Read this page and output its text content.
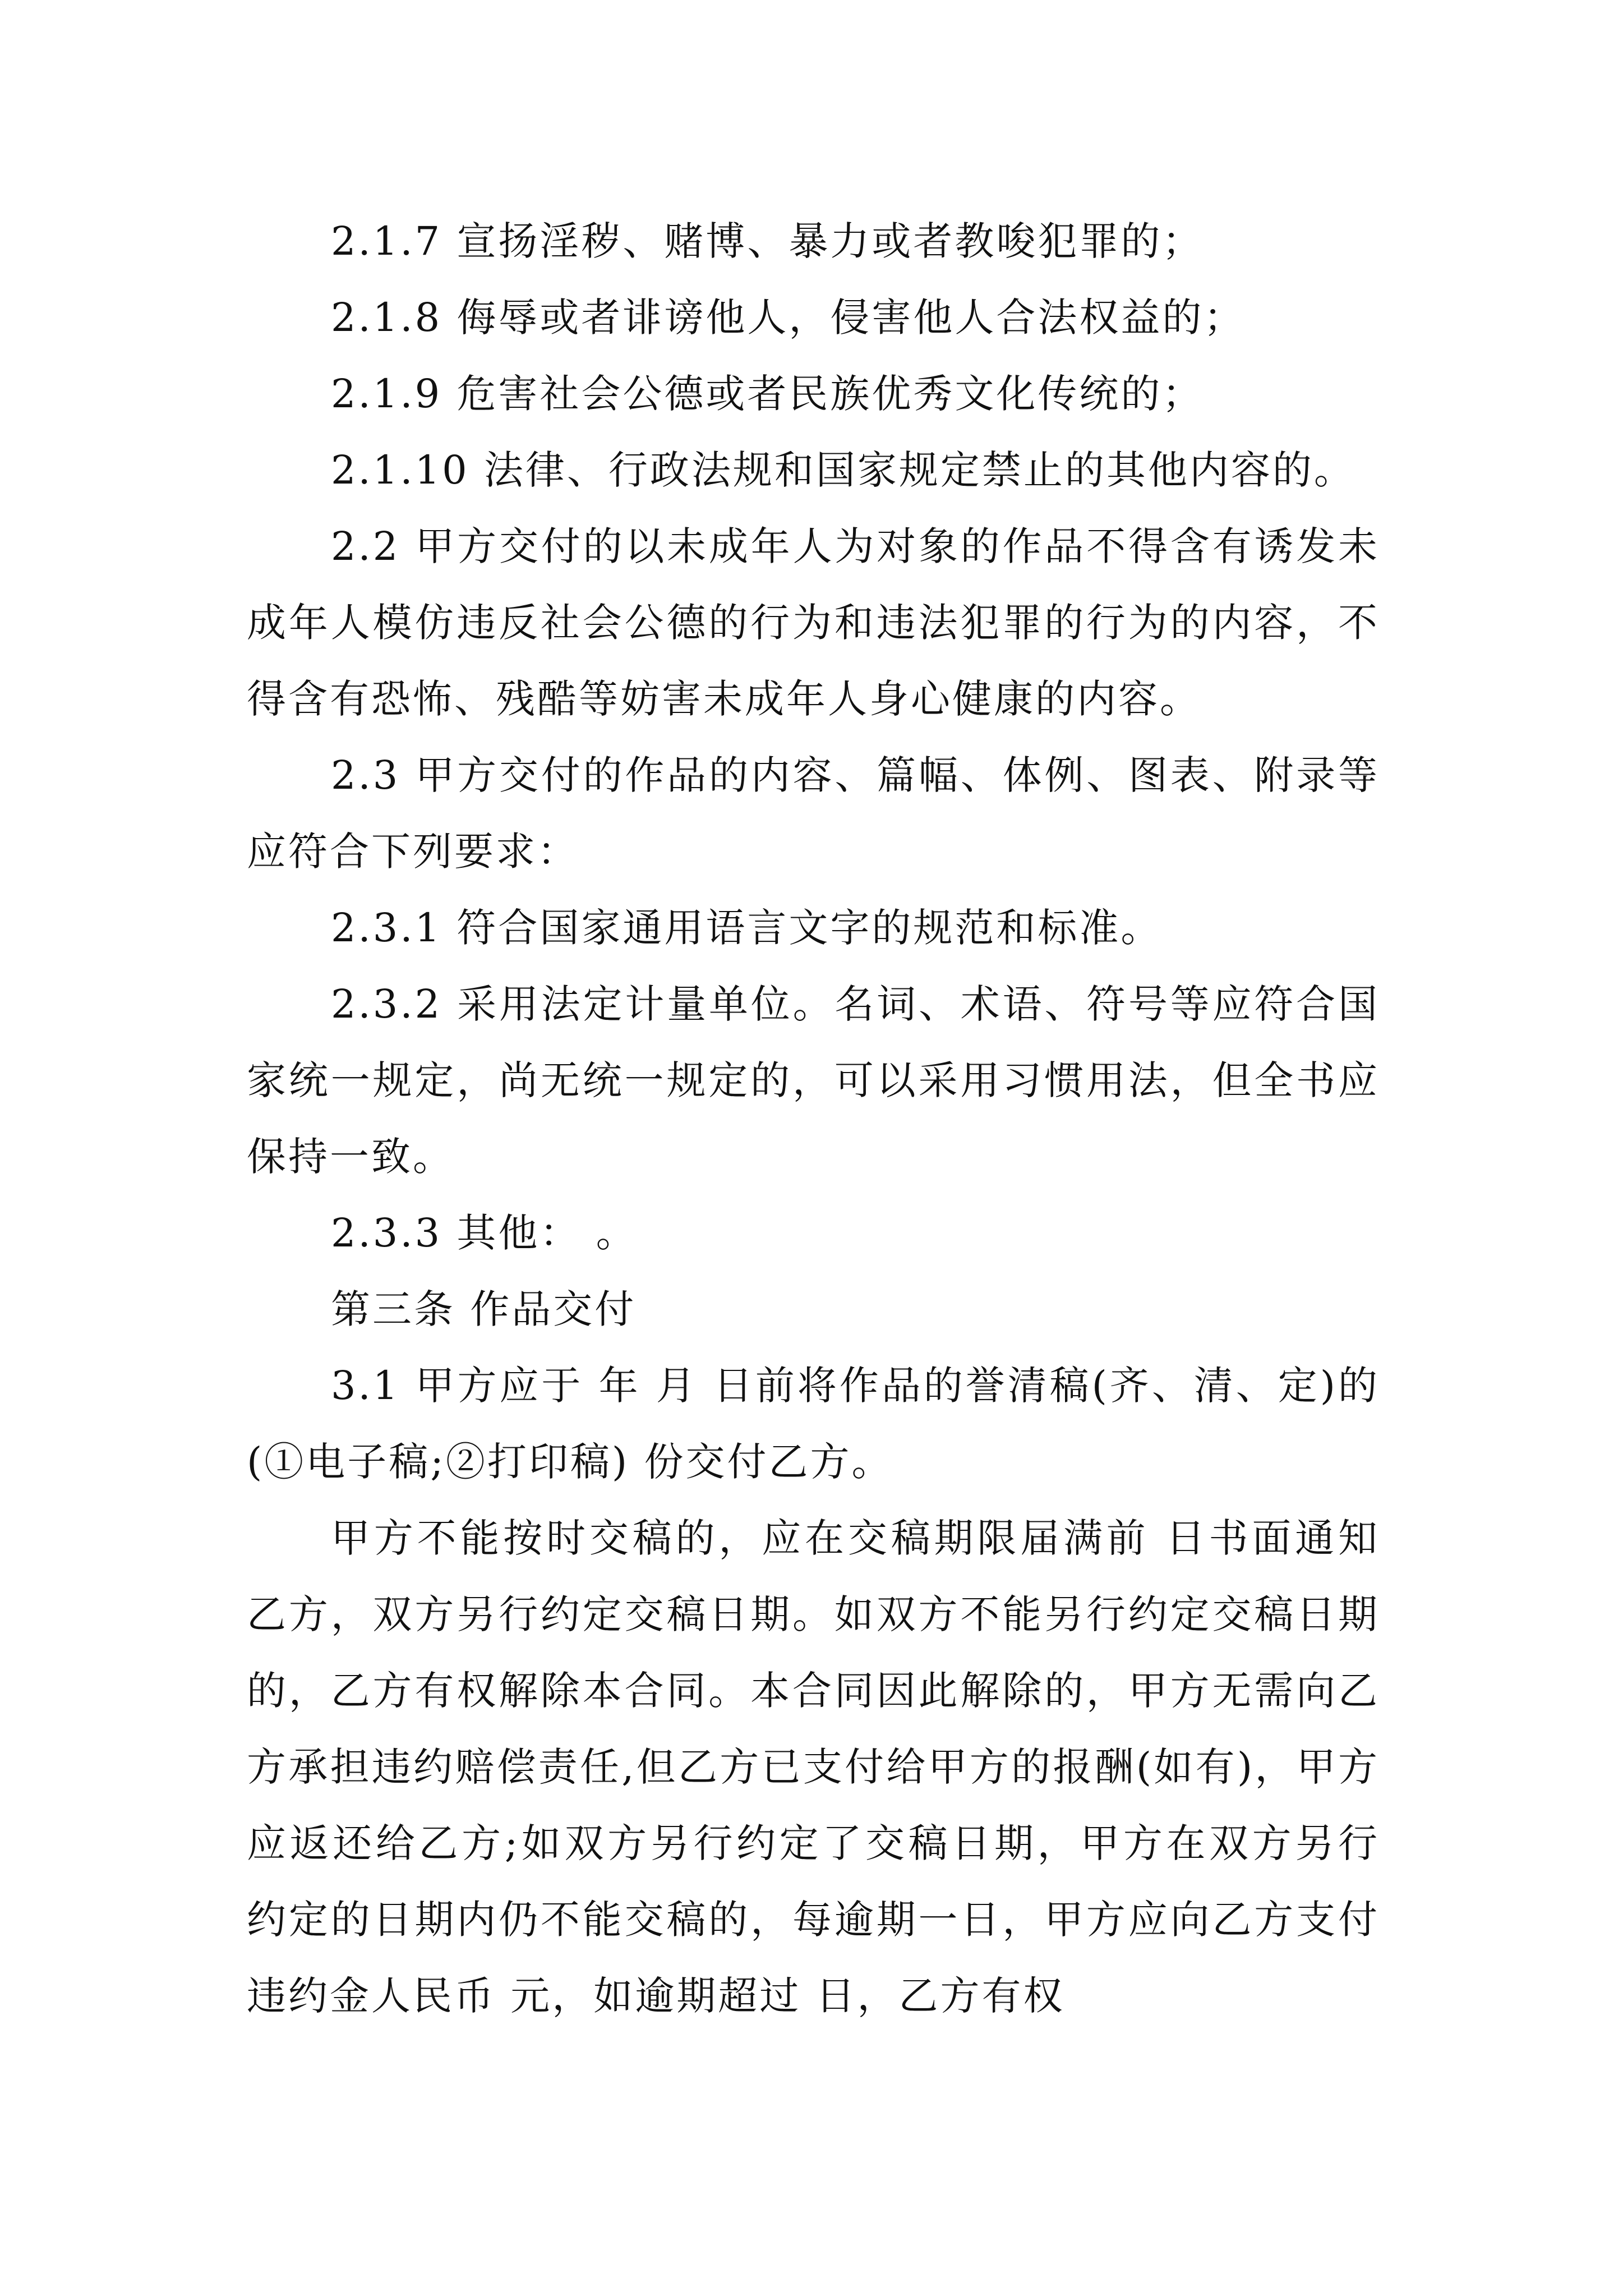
2.1.7 宣扬淫秽、赌博、暴力或者教唆犯罪的；

2.1.8 侮辱或者诽谤他人，侵害他人合法权益的；

2.1.9 危害社会公德或者民族优秀文化传统的；

2.1.10 法律、行政法规和国家规定禁止的其他内容的。

2.2 甲方交付的以未成年人为对象的作品不得含有诱发未成年人模仿违反社会公德的行为和违法犯罪的行为的内容，不得含有恐怖、残酷等妨害未成年人身心健康的内容。

2.3 甲方交付的作品的内容、篇幅、体例、图表、附录等应符合下列要求：

2.3.1 符合国家通用语言文字的规范和标准。

2.3.2 采用法定计量单位。名词、术语、符号等应符合国家统一规定，尚无统一规定的，可以采用习惯用法，但全书应保持一致。

2.3.3 其他： 。

第三条 作品交付

3.1 甲方应于 年 月 日前将作品的誉清稿(齐、清、定)的 (①电子稿;②打印稿) 份交付乙方。

甲方不能按时交稿的，应在交稿期限届满前 日书面通知乙方，双方另行约定交稿日期。如双方不能另行约定交稿日期的，乙方有权解除本合同。本合同因此解除的，甲方无需向乙方承担违约赔偿责任,但乙方已支付给甲方的报酬(如有)，甲方应返还给乙方;如双方另行约定了交稿日期，甲方在双方另行约定的日期内仍不能交稿的，每逾期一日，甲方应向乙方支付违约金人民币 元，如逾期超过 日，乙方有权
